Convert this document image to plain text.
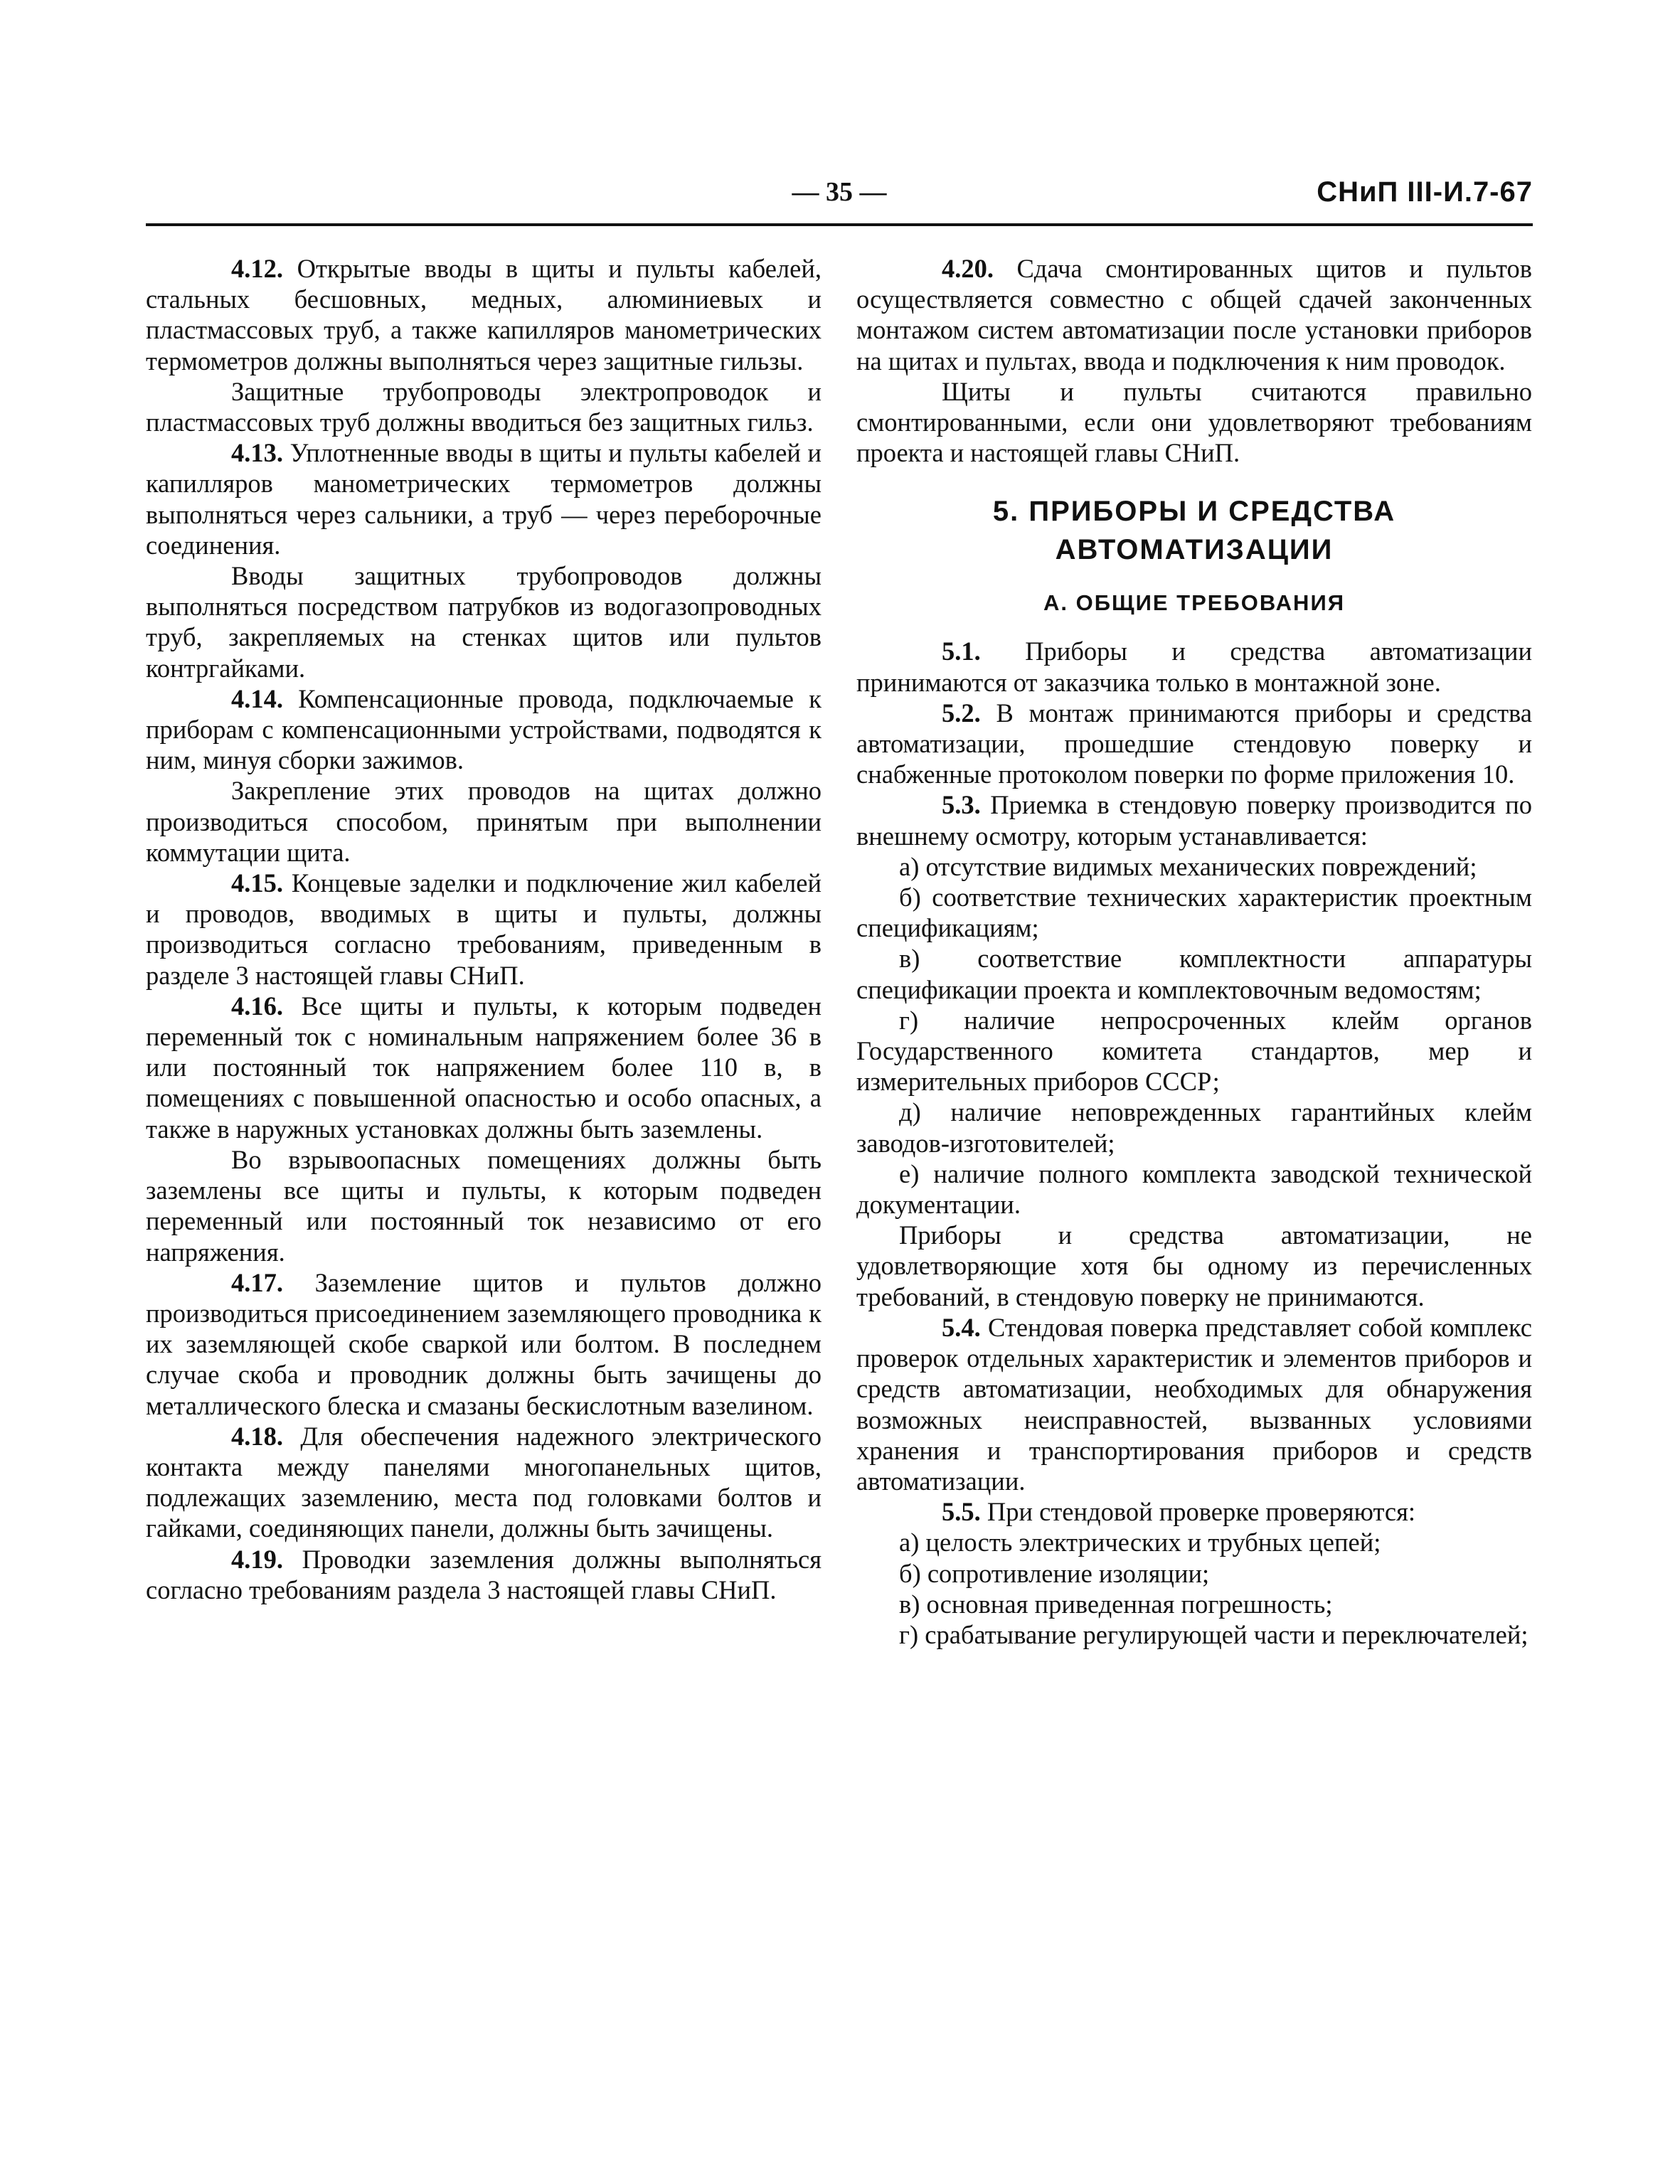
— 35 —	СНиП III-И.7-67

4.12. Открытые вводы в щиты и пульты кабелей, стальных бесшовных, медных, алюминиевых и пластмассовых труб, а также капилляров манометрических термометров должны выполняться через защитные гильзы.

Защитные трубопроводы электропроводок и пластмассовых труб должны вводиться без защитных гильз.

4.13. Уплотненные вводы в щиты и пульты кабелей и капилляров манометрических термометров должны выполняться через сальники, а труб — через переборочные соединения.

Вводы защитных трубопроводов должны выполняться посредством патрубков из водогазопроводных труб, закрепляемых на стенках щитов или пультов контргайками.

4.14. Компенсационные провода, подключаемые к приборам с компенсационными устройствами, подводятся к ним, минуя сборки зажимов.

Закрепление этих проводов на щитах должно производиться способом, принятым при выполнении коммутации щита.

4.15. Концевые заделки и подключение жил кабелей и проводов, вводимых в щиты и пульты, должны производиться согласно требованиям, приведенным в разделе 3 настоящей главы СНиП.

4.16. Все щиты и пульты, к которым подведен переменный ток с номинальным напряжением более 36 в или постоянный ток напряжением более 110 в, в помещениях с повышенной опасностью и особо опасных, а также в наружных установках должны быть заземлены.

Во взрывоопасных помещениях должны быть заземлены все щиты и пульты, к которым подведен переменный или постоянный ток независимо от его напряжения.

4.17. Заземление щитов и пультов должно производиться присоединением заземляющего проводника к их заземляющей скобе сваркой или болтом. В последнем случае скоба и проводник должны быть зачищены до металлического блеска и смазаны бескислотным вазелином.

4.18. Для обеспечения надежного электрического контакта между панелями многопанельных щитов, подлежащих заземлению, места под головками болтов и гайками, соединяющих панели, должны быть зачищены.

4.19. Проводки заземления должны выполняться согласно требованиям раздела 3 настоящей главы СНиП.

4.20. Сдача смонтированных щитов и пультов осуществляется совместно с общей сдачей законченных монтажом систем автоматизации после установки приборов на щитах и пультах, ввода и подключения к ним проводок.

Щиты и пульты считаются правильно смонтированными, если они удовлетворяют требованиям проекта и настоящей главы СНиП.

5. ПРИБОРЫ И СРЕДСТВА
АВТОМАТИЗАЦИИ
А. ОБЩИЕ ТРЕБОВАНИЯ

5.1. Приборы и средства автоматизации принимаются от заказчика только в монтажной зоне.

5.2. В монтаж принимаются приборы и средства автоматизации, прошедшие стендовую поверку и снабженные протоколом поверки по форме приложения 10.

5.3. Приемка в стендовую поверку производится по внешнему осмотру, которым устанавливается:

а) отсутствие видимых механических повреждений;

б) соответствие технических характеристик проектным спецификациям;

в) соответствие комплектности аппаратуры спецификации проекта и комплектовочным ведомостям;

г) наличие непросроченных клейм органов Государственного комитета стандартов, мер и измерительных приборов СССР;

д) наличие неповрежденных гарантийных клейм заводов-изготовителей;

е) наличие полного комплекта заводской технической документации.

Приборы и средства автоматизации, не удовлетворяющие хотя бы одному из перечисленных требований, в стендовую поверку не принимаются.

5.4. Стендовая поверка представляет собой комплекс проверок отдельных характеристик и элементов приборов и средств автоматизации, необходимых для обнаружения возможных неисправностей, вызванных условиями хранения и транспортирования приборов и средств автоматизации.

5.5. При стендовой проверке проверяются:

а) целость электрических и трубных цепей;

б) сопротивление изоляции;

в) основная приведенная погрешность;

г) срабатывание регулирующей части и переключателей;
